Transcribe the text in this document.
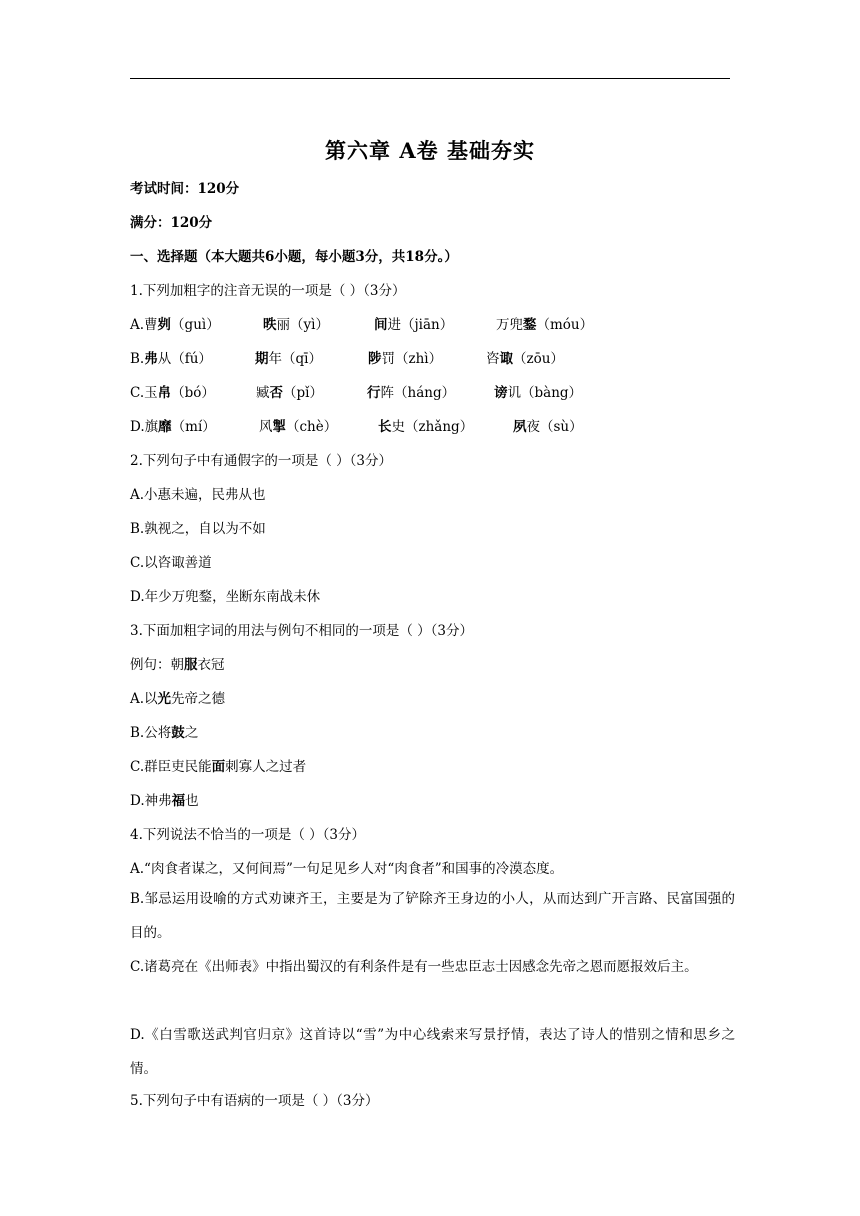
第六章 A卷 基础夯实
考试时间：120分
满分：120分
一、选择题（本大题共6小题，每小题3分，共18分。）
1.下列加粗字的注音无误的一项是（ ）（3分）
A.曹刿（guì）	昳丽（yì）	间进（jiān）	万兜鍪（móu）
B.弗从（fú）	期年（qī）	陟罚（zhì）	咨诹（zōu）
C.玉帛（bó）	臧否（pǐ）	行阵（háng）	谤讥（bàng）
D.旗靡（mí）	风掣（chè）	长史（zhǎng）	夙夜（sù）
2.下列句子中有通假字的一项是（ ）（3分）
A.小惠未遍，民弗从也
B.孰视之，自以为不如
C.以咨诹善道
D.年少万兜鍪，坐断东南战未休
3.下面加粗字词的用法与例句不相同的一项是（ ）（3分）
例句：朝服衣冠
A.以光先帝之德
B.公将鼓之
C.群臣吏民能面刺寡人之过者
D.神弗福也
4.下列说法不恰当的一项是（ ）（3分）
A.“肉食者谋之，又何间焉”一句足见乡人对“肉食者”和国事的冷漠态度。
B.邹忌运用设喻的方式劝谏齐王，主要是为了铲除齐王身边的小人，从而达到广开言路、民富国强的目的。
C.诸葛亮在《出师表》中指出蜀汉的有利条件是有一些忠臣志士因感念先帝之恩而愿报效后主。
D.《白雪歌送武判官归京》这首诗以“雪”为中心线索来写景抒情，表达了诗人的惜别之情和思乡之情。
5.下列句子中有语病的一项是（ ）（3分）
